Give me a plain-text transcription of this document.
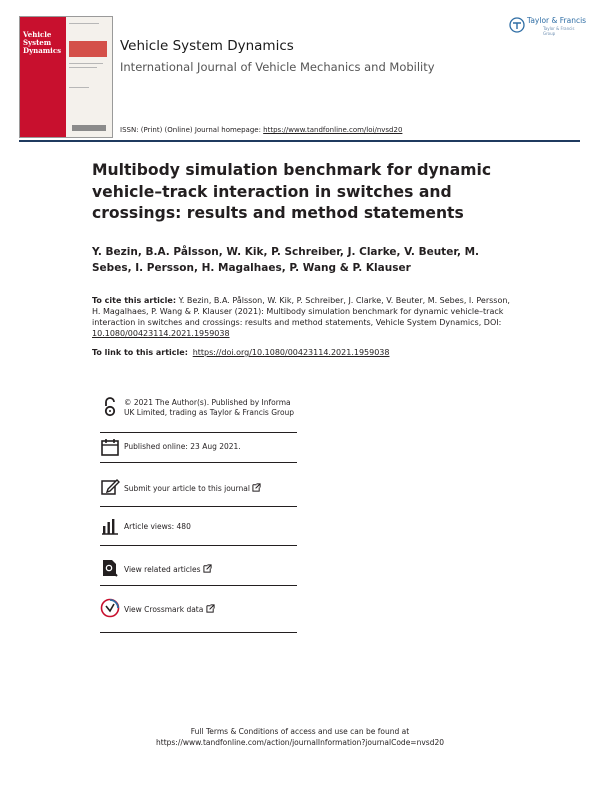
Vehicle
System
Dynamics	Vehicle System Dynamics
International Journal of Vehicle Mechanics and Mobility
ISSN: (Print) (Online) Journal homepage: https://www.tandfonline.com/loi/nvsd20
Taylor & Francis
Taylor & Francis Group
Multibody simulation benchmark for dynamic vehicle–track interaction in switches and crossings: results and method statements
Y. Bezin, B.A. Pålsson, W. Kik, P. Schreiber, J. Clarke, V. Beuter, M. Sebes, I. Persson, H. Magalhaes, P. Wang & P. Klauser
To cite this article: Y. Bezin, B.A. Pålsson, W. Kik, P. Schreiber, J. Clarke, V. Beuter, M. Sebes, I. Persson, H. Magalhaes, P. Wang & P. Klauser (2021): Multibody simulation benchmark for dynamic vehicle–track interaction in switches and crossings: results and method statements, Vehicle System Dynamics, DOI: 10.1080/00423114.2021.1959038
To link to this article: https://doi.org/10.1080/00423114.2021.1959038
© 2021 The Author(s). Published by Informa UK Limited, trading as Taylor & Francis Group
Published online: 23 Aug 2021.
Submit your article to this journal
Article views: 480
View related articles
View Crossmark data
Full Terms & Conditions of access and use can be found at
https://www.tandfonline.com/action/journalInformation?journalCode=nvsd20
